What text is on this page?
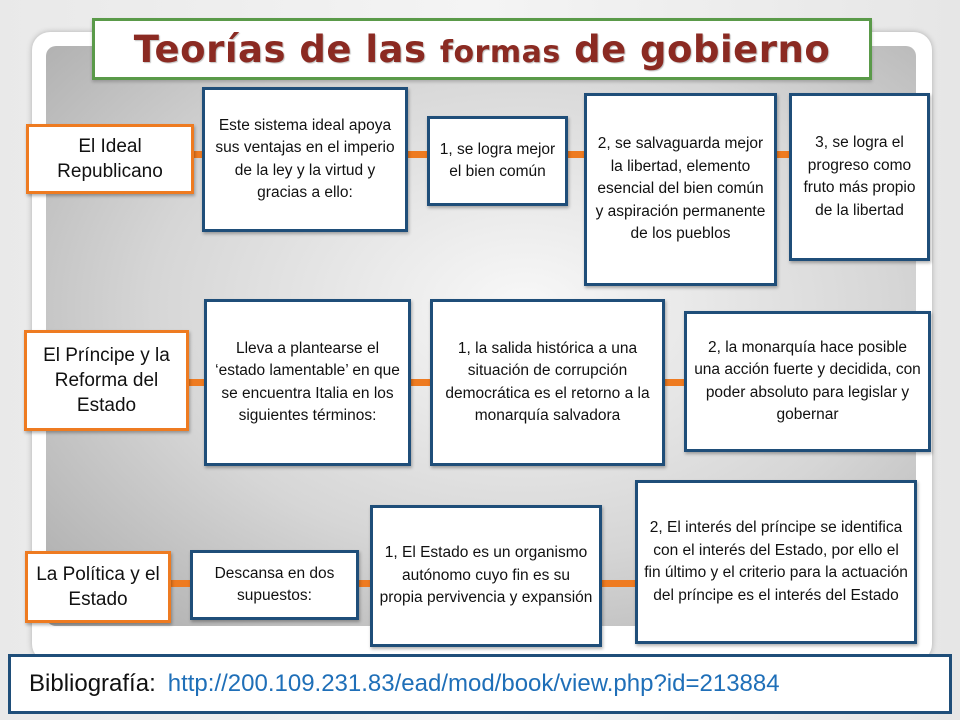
Teorías de las formas de gobierno
El Ideal Republicano
Este sistema ideal apoya sus ventajas en el imperio de la ley y la virtud y gracias a ello:
1, se logra mejor el bien común
2, se salvaguarda mejor la libertad, elemento esencial del bien común y aspiración permanente de los pueblos
3, se logra el progreso como fruto más propio de la libertad
El Príncipe y la Reforma del Estado
Lleva a plantearse el ‘estado lamentable’ en que se encuentra Italia en los siguientes términos:
1, la salida histórica a una situación de corrupción democrática es el retorno a la monarquía salvadora
2, la monarquía hace posible una acción fuerte y decidida, con poder absoluto para legislar y gobernar
La Política y el Estado
Descansa en dos supuestos:
1, El Estado es un organismo autónomo cuyo fin es su propia pervivencia y expansión
2, El interés del príncipe se identifica con el interés del Estado, por ello el fin último y el criterio para la actuación del príncipe es el interés del Estado
Bibliografía: http://200.109.231.83/ead/mod/book/view.php?id=213884
